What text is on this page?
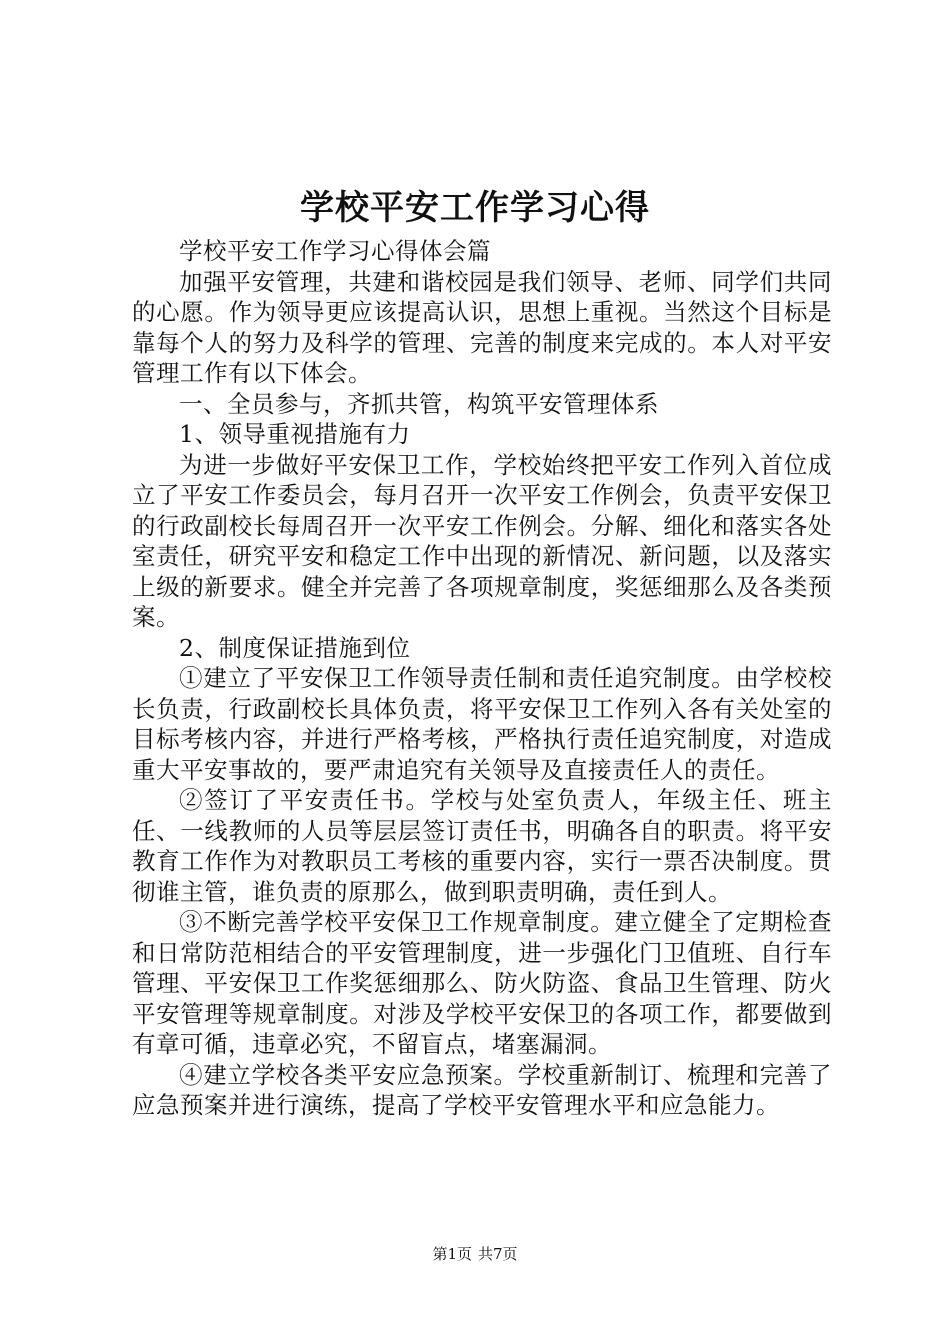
学校平安工作学习心得

学校平安工作学习心得体会篇

加强平安管理，共建和谐校园是我们领导、老师、同学们共同的心愿。作为领导更应该提高认识，思想上重视。当然这个目标是靠每个人的努力及科学的管理、完善的制度来完成的。本人对平安管理工作有以下体会。

一、全员参与，齐抓共管，构筑平安管理体系

1、领导重视措施有力

为进一步做好平安保卫工作，学校始终把平安工作列入首位成立了平安工作委员会，每月召开一次平安工作例会，负责平安保卫的行政副校长每周召开一次平安工作例会。分解、细化和落实各处室责任，研究平安和稳定工作中出现的新情况、新问题，以及落实上级的新要求。健全并完善了各项规章制度，奖惩细那么及各类预案。

2、制度保证措施到位

①建立了平安保卫工作领导责任制和责任追究制度。由学校校长负责，行政副校长具体负责，将平安保卫工作列入各有关处室的目标考核内容，并进行严格考核，严格执行责任追究制度，对造成重大平安事故的，要严肃追究有关领导及直接责任人的责任。

②签订了平安责任书。学校与处室负责人，年级主任、班主任、一线教师的人员等层层签订责任书，明确各自的职责。将平安教育工作作为对教职员工考核的重要内容，实行一票否决制度。贯彻谁主管，谁负责的原那么，做到职责明确，责任到人。

③不断完善学校平安保卫工作规章制度。建立健全了定期检查和日常防范相结合的平安管理制度，进一步强化门卫值班、自行车管理、平安保卫工作奖惩细那么、防火防盗、食品卫生管理、防火平安管理等规章制度。对涉及学校平安保卫的各项工作，都要做到有章可循，违章必究，不留盲点，堵塞漏洞。

④建立学校各类平安应急预案。学校重新制订、梳理和完善了应急预案并进行演练，提高了学校平安管理水平和应急能力。

第1页 共7页
